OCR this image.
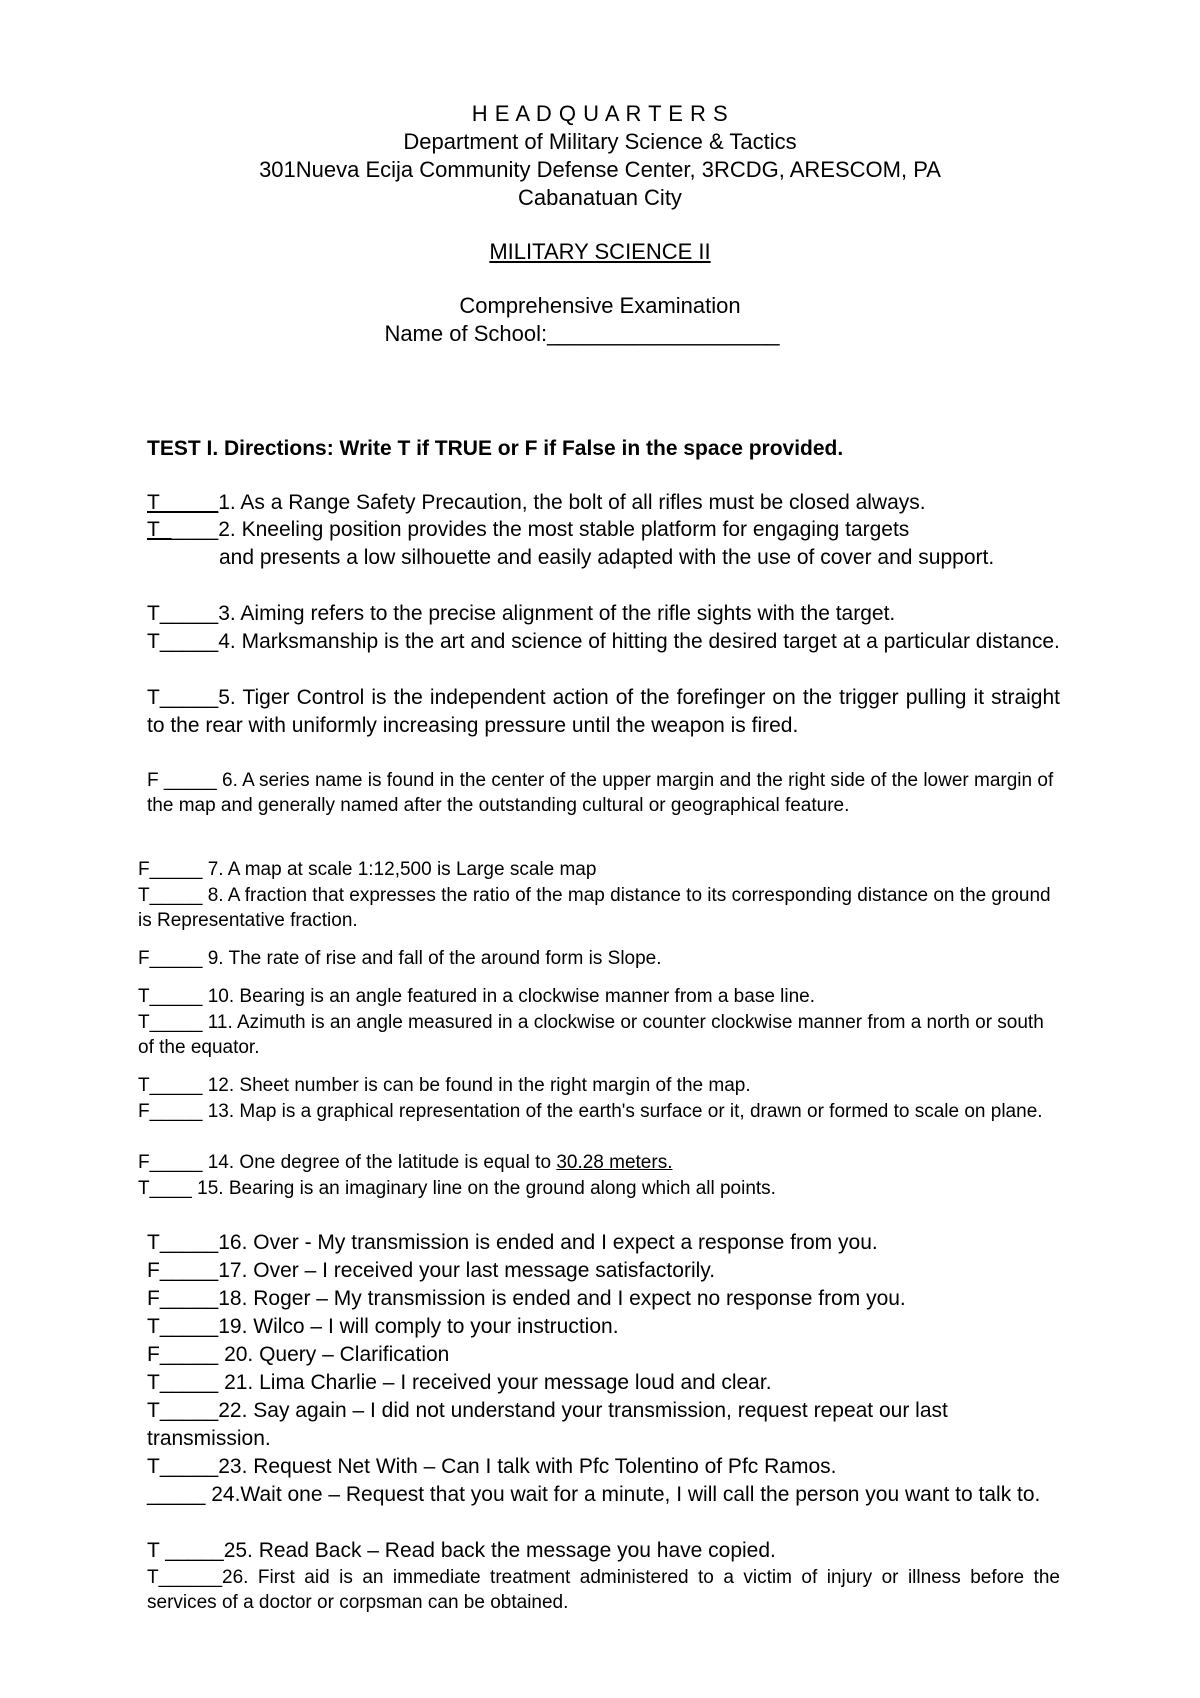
H E A D Q U A R T E R S
Department of Military Science & Tactics
301Nueva Ecija Community Defense Center, 3RCDG, ARESCOM, PA
Cabanatuan City
MILITARY SCIENCE II
Comprehensive Examination
Name of School:___________________
TEST I. Directions: Write T if TRUE or F if False in the space provided.
T_____1. As a Range Safety Precaution, the bolt of all rifles must be closed always.
T_____2. Kneeling position provides the most stable platform for engaging targets
and presents a low silhouette and easily adapted with the use of cover and support.
T_____3. Aiming refers to the precise alignment of the rifle sights with the target.
T_____4. Marksmanship is the art and science of hitting the desired target at a particular distance.
T_____5. Tiger Control is the independent action of the forefinger on the trigger pulling it straight to the rear with uniformly increasing pressure until the weapon is fired.
F _____ 6. A series name is found in the center of the upper margin and the right side of the lower margin of the map and generally named after the outstanding cultural or geographical feature.
F_____ 7. A map at scale 1:12,500 is Large scale map
T_____ 8. A fraction that expresses the ratio of the map distance to its corresponding distance on the ground is Representative fraction.
F_____ 9. The rate of rise and fall of the around form is Slope.
T_____ 10. Bearing is an angle featured in a clockwise manner from a base line.
T_____ 11. Azimuth is an angle measured in a clockwise or counter clockwise manner from a north or south of the equator.
T_____ 12. Sheet number is can be found in the right margin of the map.
F_____ 13. Map is a graphical representation of the earth's surface or it, drawn or formed to scale on plane.
F_____ 14. One degree of the latitude is equal to 30.28 meters.
T____ 15. Bearing is an imaginary line on the ground along which all points.
T_____16. Over - My transmission is ended and I expect a response from you.
F_____17. Over – I received your last message satisfactorily.
F_____18. Roger – My transmission is ended and I expect no response from you.
T_____19. Wilco – I will comply to your instruction.
F_____ 20. Query – Clarification
T_____ 21. Lima Charlie – I received your message loud and clear.
T_____22. Say again – I did not understand your transmission, request repeat our last transmission.
T_____23. Request Net With – Can I talk with Pfc Tolentino of Pfc Ramos.
_____ 24.Wait one – Request that you wait for a minute, I will call the person you want to talk to.
T _____25. Read Back – Read back the message you have copied.
T______26. First aid is an immediate treatment administered to a victim of injury or illness before the services of a doctor or corpsman can be obtained.
